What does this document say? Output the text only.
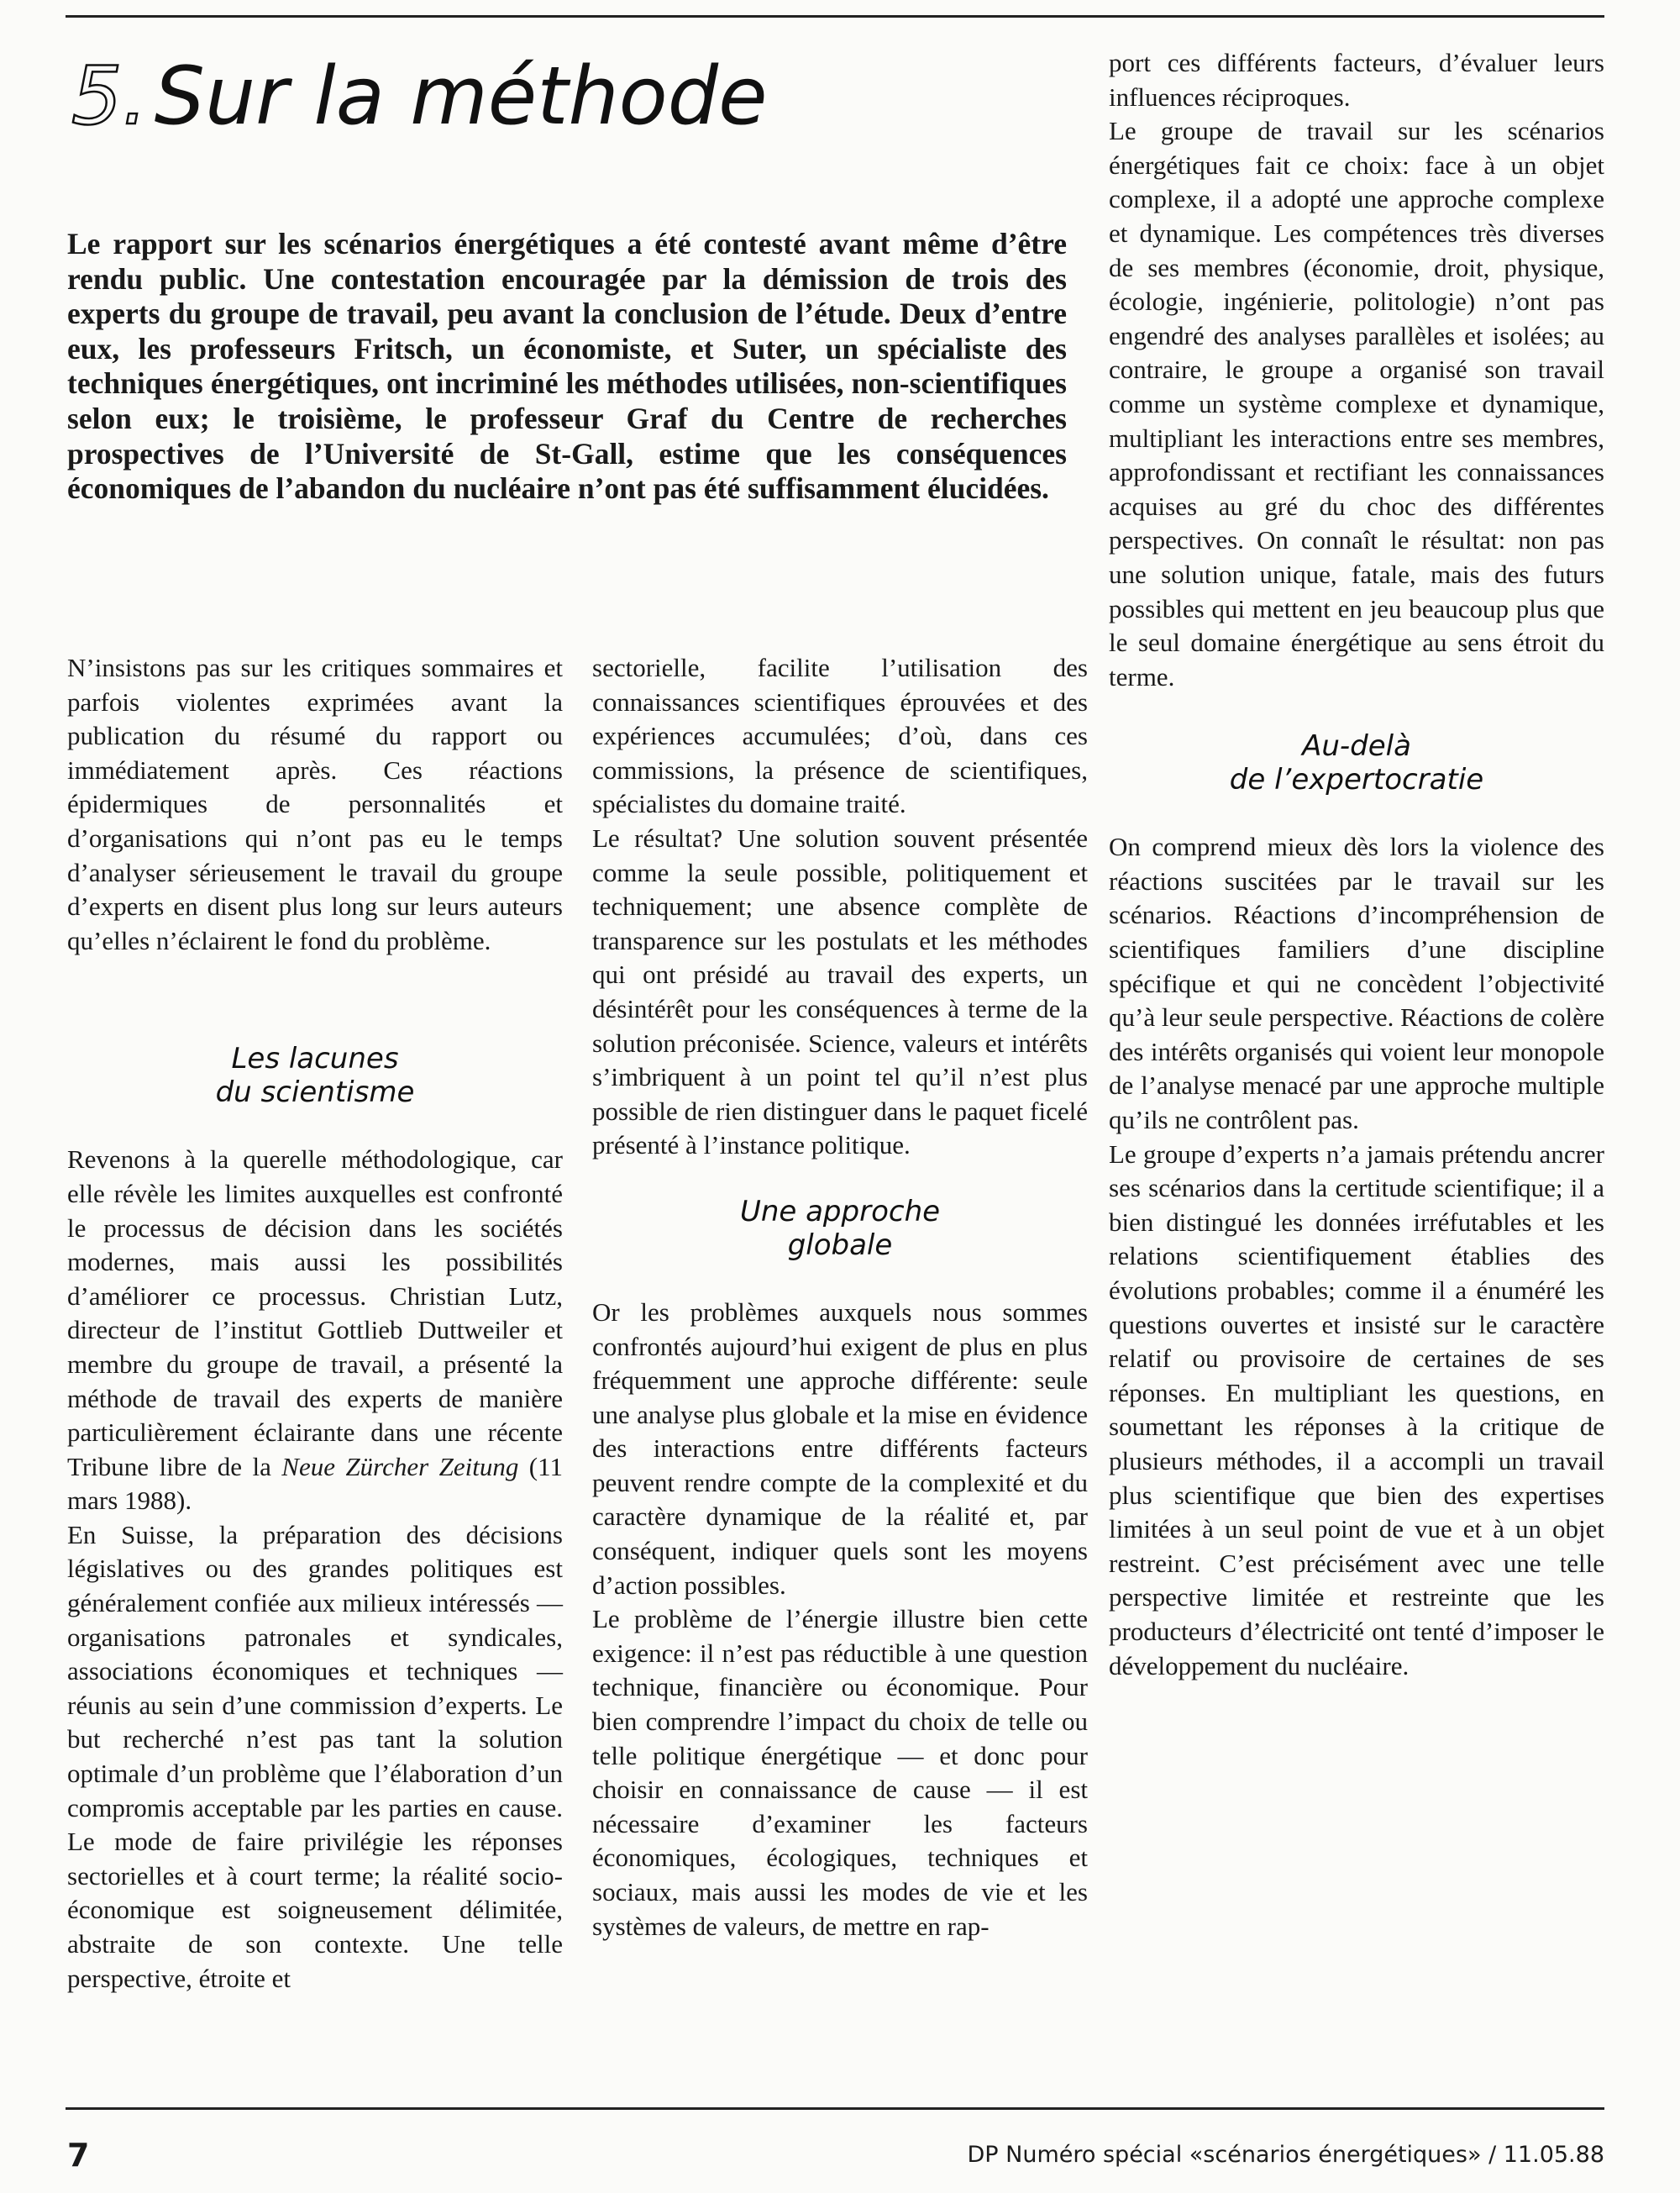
5.Sur la méthode

Le rapport sur les scénarios énergétiques a été contesté avant même d’être rendu public. Une contestation encouragée par la démission de trois des experts du groupe de travail, peu avant la conclusion de l’étude. Deux d’entre eux, les professeurs Fritsch, un économiste, et Suter, un spécialiste des techniques énergétiques, ont incriminé les méthodes utilisées, non-scientifiques selon eux; le troisième, le professeur Graf du Centre de recherches prospectives de l’Université de St-Gall, estime que les conséquences économiques de l’abandon du nucléaire n’ont pas été suffisamment élucidées.

N’insistons pas sur les critiques sommaires et parfois violentes exprimées avant la publication du résumé du rapport ou immédiatement après. Ces réactions épidermiques de personnalités et d’organisations qui n’ont pas eu le temps d’analyser sérieusement le travail du groupe d’experts en disent plus long sur leurs auteurs qu’elles n’éclairent le fond du problème.

Les lacunes
du scientisme

Revenons à la querelle méthodologique, car elle révèle les limites auxquelles est confronté le processus de décision dans les sociétés modernes, mais aussi les possibilités d’améliorer ce processus. Christian Lutz, directeur de l’institut Gottlieb Duttweiler et membre du groupe de travail, a présenté la méthode de travail des experts de manière particulièrement éclairante dans une récente Tribune libre de la Neue Zürcher Zeitung (11 mars 1988).

En Suisse, la préparation des décisions législatives ou des grandes politiques est généralement confiée aux milieux intéressés — organisations patronales et syndicales, associations économiques et techniques — réunis au sein d’une commission d’experts. Le but recherché n’est pas tant la solution optimale d’un problème que l’élaboration d’un compromis acceptable par les parties en cause. Le mode de faire privilégie les réponses sectorielles et à court terme; la réalité socio-économique est soigneusement délimitée, abstraite de son contexte. Une telle perspective, étroite et

sectorielle, facilite l’utilisation des connaissances scientifiques éprouvées et des expériences accumulées; d’où, dans ces commissions, la présence de scientifiques, spécialistes du domaine traité.

Le résultat? Une solution souvent présentée comme la seule possible, politiquement et techniquement; une absence complète de transparence sur les postulats et les méthodes qui ont présidé au travail des experts, un désintérêt pour les conséquences à terme de la solution préconisée. Science, valeurs et intérêts s’imbriquent à un point tel qu’il n’est plus possible de rien distinguer dans le paquet ficelé présenté à l’instance politique.

Une approche
globale

Or les problèmes auxquels nous sommes confrontés aujourd’hui exigent de plus en plus fréquemment une approche différente: seule une analyse plus globale et la mise en évidence des interactions entre différents facteurs peuvent rendre compte de la complexité et du caractère dynamique de la réalité et, par conséquent, indiquer quels sont les moyens d’action possibles.

Le problème de l’énergie illustre bien cette exigence: il n’est pas réductible à une question technique, financière ou économique. Pour bien comprendre l’impact du choix de telle ou telle politique énergétique — et donc pour choisir en connaissance de cause — il est nécessaire d’examiner les facteurs économiques, écologiques, techniques et sociaux, mais aussi les modes de vie et les systèmes de valeurs, de mettre en rap-

port ces différents facteurs, d’évaluer leurs influences réciproques.

Le groupe de travail sur les scénarios énergétiques fait ce choix: face à un objet complexe, il a adopté une approche complexe et dynamique. Les compétences très diverses de ses membres (économie, droit, physique, écologie, ingénierie, politologie) n’ont pas engendré des analyses parallèles et isolées; au contraire, le groupe a organisé son travail comme un système complexe et dynamique, multipliant les interactions entre ses membres, approfondissant et rectifiant les connaissances acquises au gré du choc des différentes perspectives. On connaît le résultat: non pas une solution unique, fatale, mais des futurs possibles qui mettent en jeu beaucoup plus que le seul domaine énergétique au sens étroit du terme.

Au-delà
de l’expertocratie

On comprend mieux dès lors la violence des réactions suscitées par le travail sur les scénarios. Réactions d’incompréhension de scientifiques familiers d’une discipline spécifique et qui ne concèdent l’objectivité qu’à leur seule perspective. Réactions de colère des intérêts organisés qui voient leur monopole de l’analyse menacé par une approche multiple qu’ils ne contrôlent pas.

Le groupe d’experts n’a jamais prétendu ancrer ses scénarios dans la certitude scientifique; il a bien distingué les données irréfutables et les relations scientifiquement établies des évolutions probables; comme il a énuméré les questions ouvertes et insisté sur le caractère relatif ou provisoire de certaines de ses réponses. En multipliant les questions, en soumettant les réponses à la critique de plusieurs méthodes, il a accompli un travail plus scientifique que bien des expertises limitées à un seul point de vue et à un objet restreint. C’est précisément avec une telle perspective limitée et restreinte que les producteurs d’électricité ont tenté d’imposer le développement du nucléaire.

7	DP Numéro spécial «scénarios énergétiques» / 11.05.88
